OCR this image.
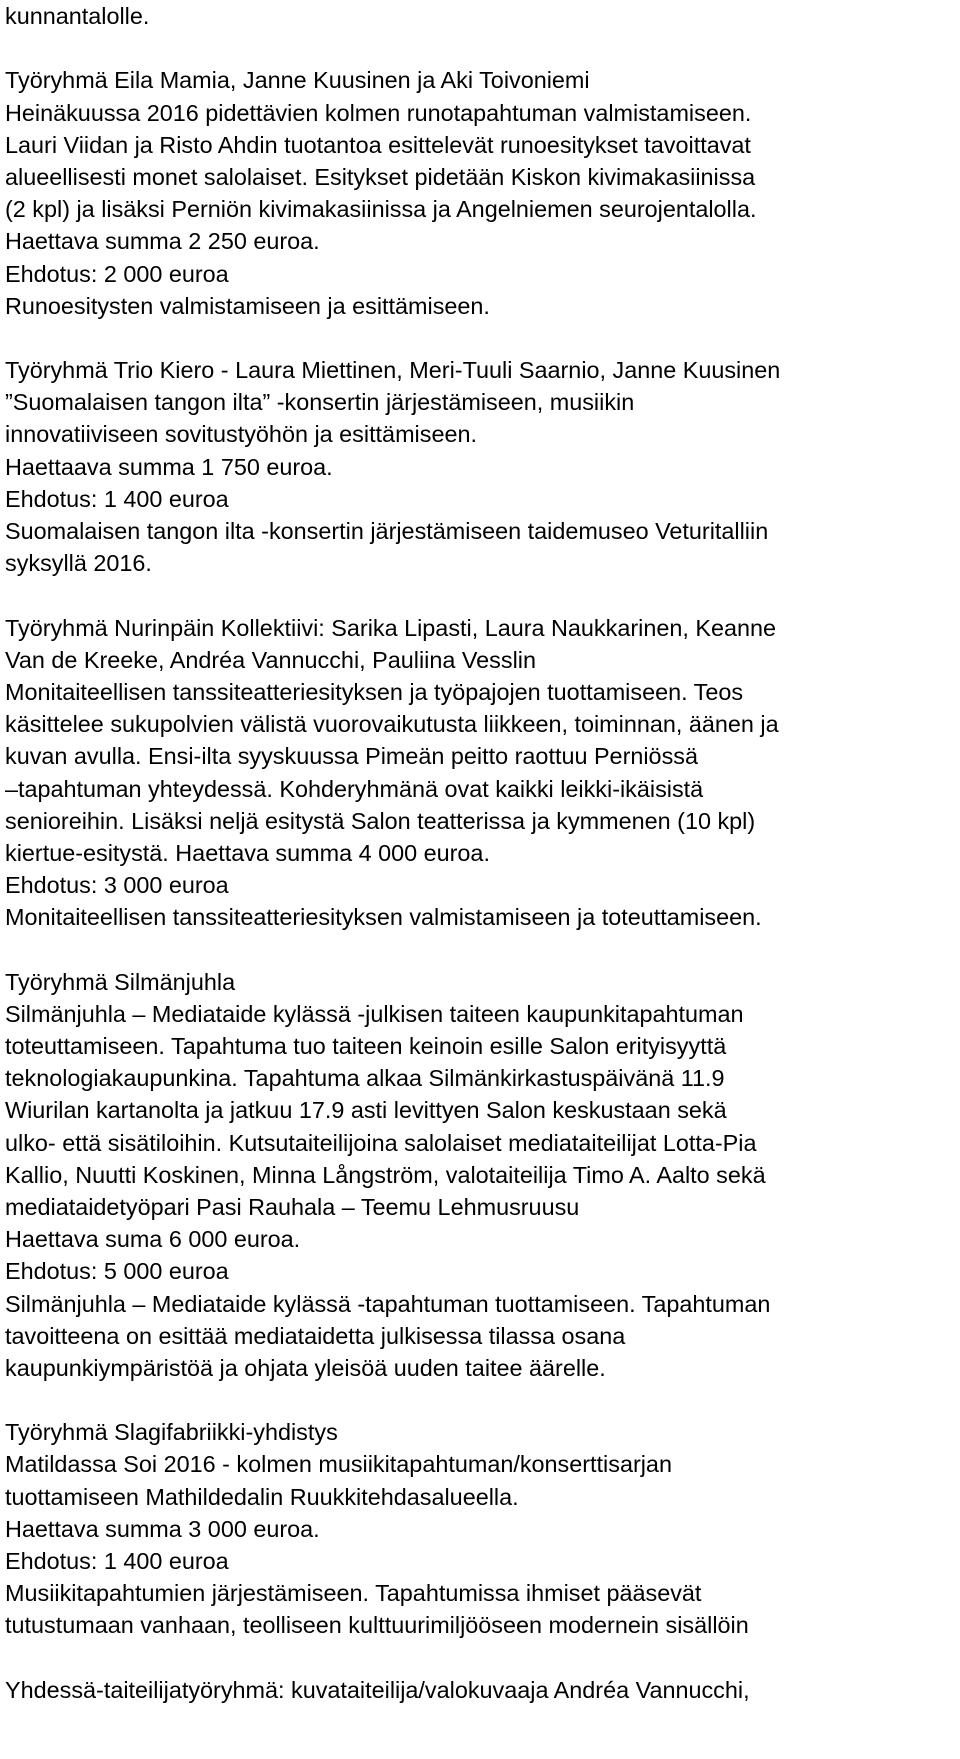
kunnantalolle.
Työryhmä Eila Mamia, Janne Kuusinen ja Aki Toivoniemi
Heinäkuussa 2016 pidettävien kolmen runotapahtuman valmistamiseen.
Lauri Viidan ja Risto Ahdin tuotantoa esittelevät runoesitykset tavoittavat
alueellisesti monet salolaiset. Esitykset pidetään Kiskon kivimakasiinissa
(2 kpl) ja lisäksi Perniön kivimakasiinissa ja Angelniemen seurojentalolla.
Haettava summa 2 250 euroa.
Ehdotus: 2 000 euroa
Runoesitysten valmistamiseen ja esittämiseen.
Työryhmä Trio Kiero - Laura Miettinen, Meri-Tuuli Saarnio, Janne Kuusinen
”Suomalaisen tangon ilta” -konsertin järjestämiseen, musiikin
innovatiiviseen sovitustyöhön ja esittämiseen.
Haettaava summa 1 750 euroa.
Ehdotus: 1 400 euroa
Suomalaisen tangon ilta -konsertin järjestämiseen taidemuseo Veturitalliin
syksyllä 2016.
Työryhmä Nurinpäin Kollektiivi: Sarika Lipasti, Laura Naukkarinen, Keanne
Van de Kreeke, Andréa Vannucchi, Pauliina Vesslin
Monitaiteellisen tanssiteatteriesityksen ja työpajojen tuottamiseen. Teos
käsittelee sukupolvien välistä vuorovaikutusta liikkeen, toiminnan, äänen ja
kuvan avulla. Ensi-ilta syyskuussa Pimeän peitto raottuu Perniössä
–tapahtuman yhteydessä. Kohderyhmänä ovat kaikki leikki-ikäisistä
senioreihin. Lisäksi neljä esitystä Salon teatterissa ja kymmenen (10 kpl)
kiertue-esitystä. Haettava summa 4 000 euroa.
Ehdotus: 3 000 euroa
Monitaiteellisen tanssiteatteriesityksen valmistamiseen ja toteuttamiseen.
Työryhmä Silmänjuhla
Silmänjuhla – Mediataide kylässä -julkisen taiteen kaupunkitapahtuman
toteuttamiseen. Tapahtuma tuo taiteen keinoin esille Salon erityisyyttä
teknologiakaupunkina. Tapahtuma alkaa Silmänkirkastuspäivänä 11.9
Wiurilan kartanolta ja jatkuu 17.9 asti levittyen Salon keskustaan sekä
ulko- että sisätiloihin. Kutsutaiteilijoina salolaiset mediataiteilijat Lotta-Pia
Kallio, Nuutti Koskinen, Minna Långström, valotaiteilija Timo A. Aalto sekä
mediataidetyöpari Pasi Rauhala – Teemu Lehmusruusu
Haettava suma 6 000 euroa.
Ehdotus: 5 000 euroa
Silmänjuhla – Mediataide kylässä -tapahtuman tuottamiseen. Tapahtuman
tavoitteena on esittää mediataidetta julkisessa tilassa osana
kaupunkiympäristöä ja ohjata yleisöä uuden taitee äärelle.
Työryhmä Slagifabriikki-yhdistys
Matildassa Soi 2016 - kolmen musiikitapahtuman/konserttisarjan
tuottamiseen Mathildedalin Ruukkitehdasalueella.
Haettava summa 3 000 euroa.
Ehdotus: 1 400 euroa
Musiikitapahtumien järjestämiseen. Tapahtumissa ihmiset pääsevät
tutustumaan vanhaan, teolliseen kulttuurimiljööseen modernein sisällöin
Yhdessä-taiteilijatyöryhmä: kuvataiteilija/valokuvaaja Andréa Vannucchi,
